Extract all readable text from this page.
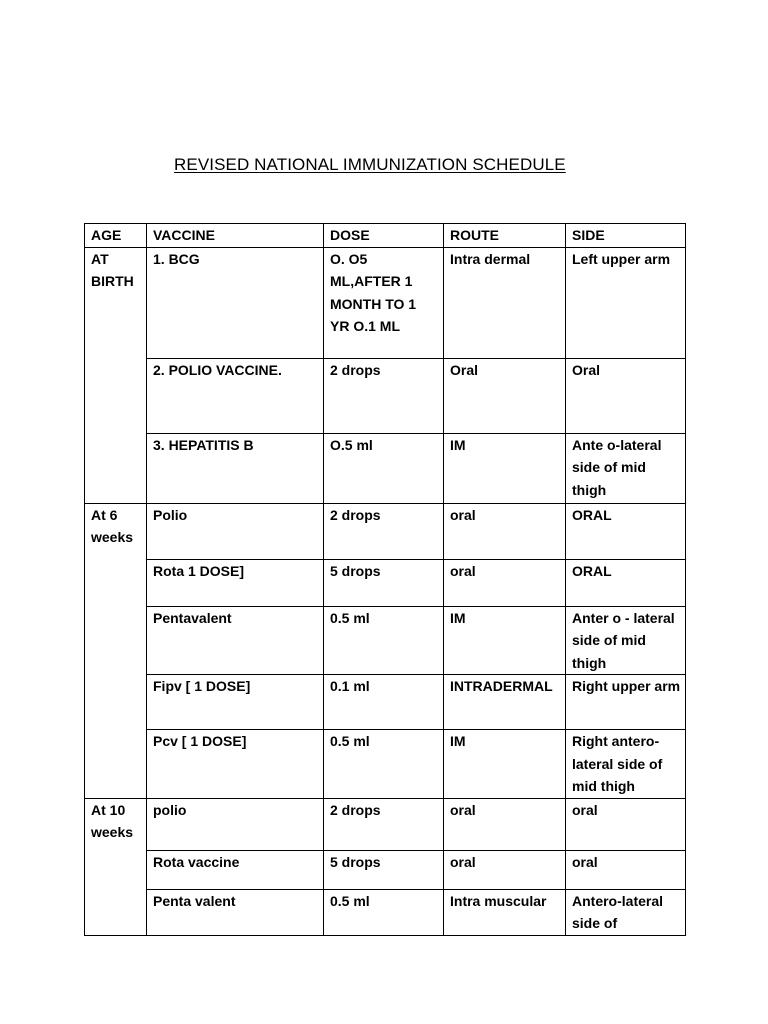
REVISED NATIONAL IMMUNIZATION SCHEDULE
AGE	VACCINE	DOSE	ROUTE	SIDE
AT BIRTH	1. BCG	O. O5 ML,AFTER 1 MONTH TO 1 YR O.1 ML	Intra dermal	Left upper arm
	2. POLIO VACCINE.	2 drops	Oral	Oral
	3. HEPATITIS B	O.5 ml	IM	Ante o-lateral side of mid thigh
At 6 weeks	Polio	2 drops	oral	ORAL
	Rota 1 DOSE]	5 drops	oral	ORAL
	Pentavalent	0.5 ml	IM	Anter o - lateral side of mid thigh
	Fipv [ 1 DOSE]	0.1 ml	INTRADERMAL	Right upper arm
	Pcv [ 1 DOSE]	0.5 ml	IM	Right antero-lateral side of mid thigh
At 10 weeks	polio	2 drops	oral	oral
	Rota vaccine	5 drops	oral	oral
	Penta valent	0.5 ml	Intra muscular	Antero-lateral side of
